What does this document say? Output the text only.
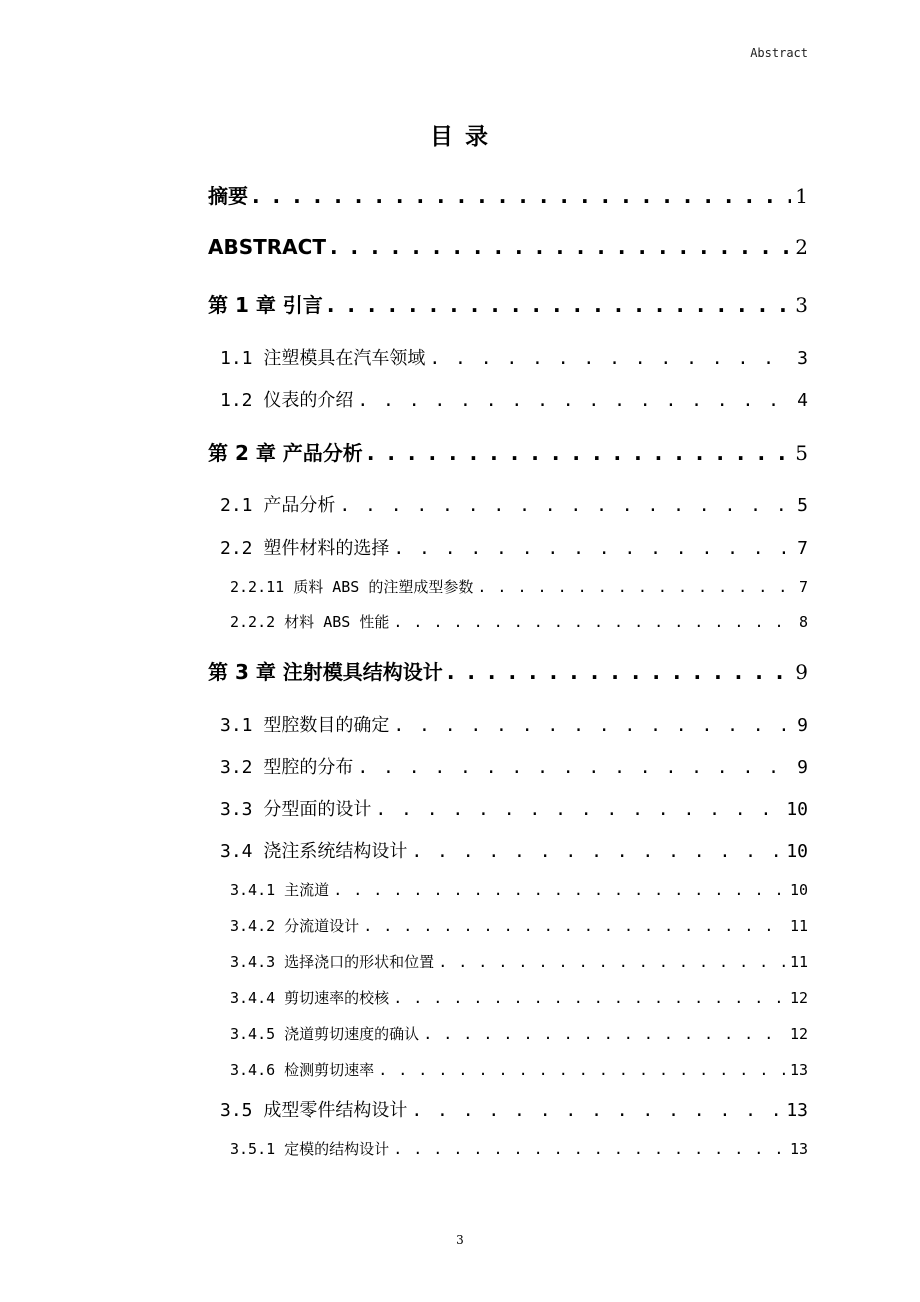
Abstract
目 录
摘要 . . .	1
ABSTRACT . . .	2
第 1 章 引言 . . .	3
1.1 注塑模具在汽车领域 . . .	3
1.2 仪表的介绍 . . .	4
第 2 章 产品分析 . . .	5
2.1 产品分析 . . .	5
2.2 塑件材料的选择 . . .	7
2.2.11 质料 ABS 的注塑成型参数 . . .	7
2.2.2 材料 ABS 性能 . . .	8
第 3 章 注射模具结构设计 . . .	9
3.1 型腔数目的确定 . . .	9
3.2 型腔的分布 . . .	9
3.3 分型面的设计 . . .	10
3.4 浇注系统结构设计 . . .	10
3.4.1 主流道 . . .	10
3.4.2 分流道设计 . . .	11
3.4.3 选择浇口的形状和位置 . . .	11
3.4.4 剪切速率的校核 . . .	12
3.4.5 浇道剪切速度的确认 . . .	12
3.4.6 检测剪切速率 . . .	13
3.5 成型零件结构设计 . . .	13
3.5.1 定模的结构设计 . . .	13
3
